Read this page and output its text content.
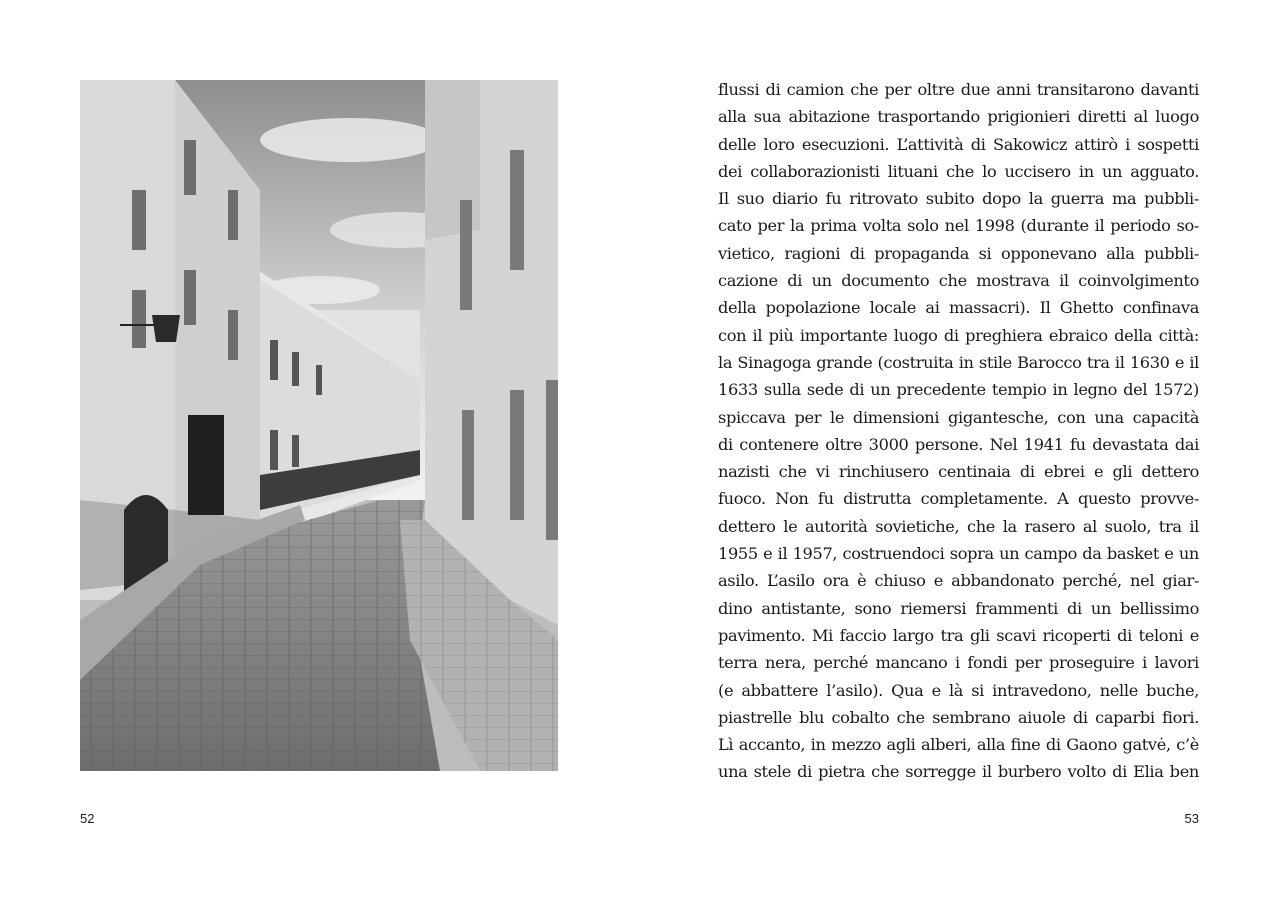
52
flussi di camion che per oltre due anni transitarono davanti
alla sua abitazione trasportando prigionieri diretti al luogo
delle loro esecuzioni. L’attività di Sakowicz attirò i sospetti
dei collaborazionisti lituani che lo uccisero in un agguato.
Il suo diario fu ritrovato subito dopo la guerra ma pubbli-
cato per la prima volta solo nel 1998 (durante il periodo so-
vietico, ragioni di propaganda si opponevano alla pubbli-
cazione di un documento che mostrava il coinvolgimento
della popolazione locale ai massacri). Il Ghetto confinava
con il più importante luogo di preghiera ebraico della città:
la Sinagoga grande (costruita in stile Barocco tra il 1630 e il
1633 sulla sede di un precedente tempio in legno del 1572)
spiccava per le dimensioni gigantesche, con una capacità
di contenere oltre 3000 persone. Nel 1941 fu devastata dai
nazisti che vi rinchiusero centinaia di ebrei e gli dettero
fuoco. Non fu distrutta completamente. A questo provve-
dettero le autorità sovietiche, che la rasero al suolo, tra il
1955 e il 1957, costruendoci sopra un campo da basket e un
asilo. L’asilo ora è chiuso e abbandonato perché, nel giar-
dino antistante, sono riemersi frammenti di un bellissimo
pavimento. Mi faccio largo tra gli scavi ricoperti di teloni e
terra nera, perché mancano i fondi per proseguire i lavori
(e abbattere l’asilo). Qua e là si intravedono, nelle buche,
piastrelle blu cobalto che sembrano aiuole di caparbi fiori.
Lì accanto, in mezzo agli alberi, alla fine di Gaono gatvė, c’è
una stele di pietra che sorregge il burbero volto di Elia ben
53
